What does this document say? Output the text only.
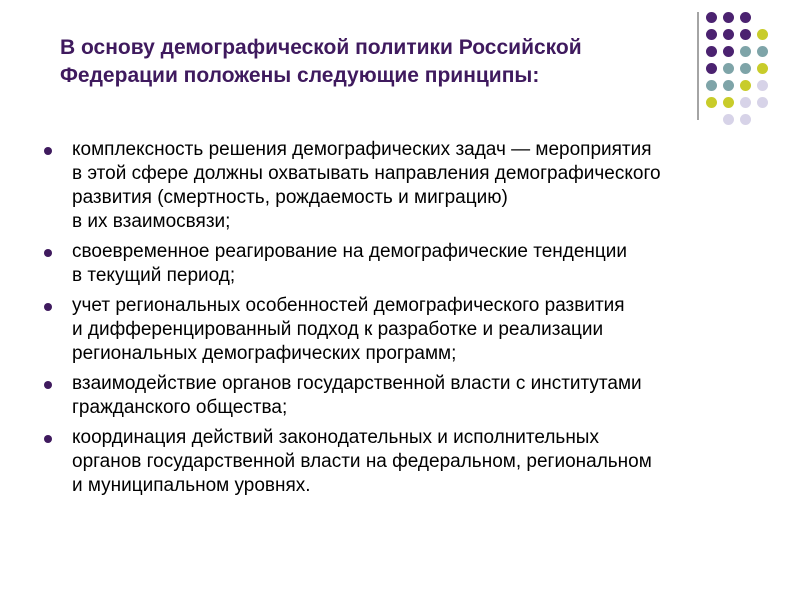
В основу демографической политики Российской
Федерации положены следующие принципы:
комплексность решения демографических задач — мероприятия
в этой сфере должны охватывать направления демографического
развития (смертность, рождаемость и миграцию)
в их взаимосвязи;
своевременное реагирование на демографические тенденции
в текущий период;
учет региональных особенностей демографического развития
и дифференцированный подход к разработке и реализации
региональных демографических программ;
взаимодействие органов государственной власти с институтами
гражданского общества;
координация действий законодательных и исполнительных
органов государственной власти на федеральном, региональном
и муниципальном уровнях.
